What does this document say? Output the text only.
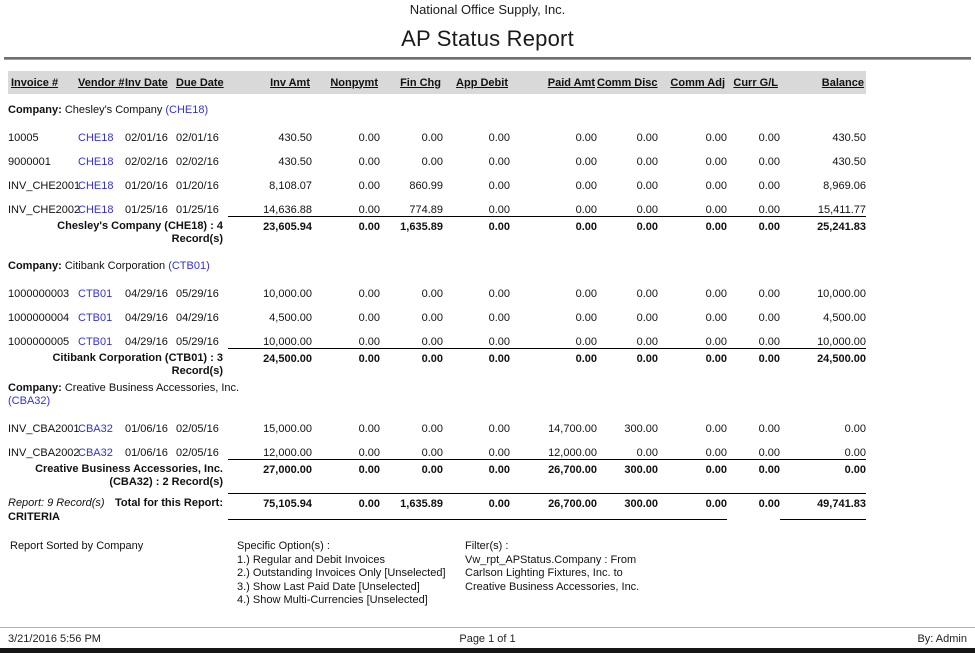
National Office Supply, Inc.
AP Status Report
Invoice #	Vendor #	Inv Date	Due Date	Inv Amt	Nonpymt	Fin Chg	App Debit	Paid Amt	Comm Disc	Comm Adj	Curr G/L	Balance

Company: Chesley's Company (CHE18)												

10005	CHE18	02/01/16	02/01/16	430.50	0.00	0.00	0.00	0.00	0.00	0.00	0.00	430.50
9000001	CHE18	02/02/16	02/02/16	430.50	0.00	0.00	0.00	0.00	0.00	0.00	0.00	430.50
INV_CHE2001	CHE18	01/20/16	01/20/16	8,108.07	0.00	860.99	0.00	0.00	0.00	0.00	0.00	8,969.06
INV_CHE2002	CHE18	01/25/16	01/25/16	14,636.88	0.00	774.89	0.00	0.00	0.00	0.00	0.00	15,411.77

Chesley's Company (CHE18) : 4 Record(s)				23,605.94	0.00	1,635.89	0.00	0.00	0.00	0.00	0.00	25,241.83

Company: Citibank Corporation (CTB01)												

1000000003	CTB01	04/29/16	05/29/16	10,000.00	0.00	0.00	0.00	0.00	0.00	0.00	0.00	10,000.00
1000000004	CTB01	04/29/16	04/29/16	4,500.00	0.00	0.00	0.00	0.00	0.00	0.00	0.00	4,500.00
1000000005	CTB01	04/29/16	05/29/16	10,000.00	0.00	0.00	0.00	0.00	0.00	0.00	0.00	10,000.00

Citibank Corporation (CTB01) : 3 Record(s)				24,500.00	0.00	0.00	0.00	0.00	0.00	0.00	0.00	24,500.00

Company: Creative Business Accessories, Inc. (CBA32)												

INV_CBA2001	CBA32	01/06/16	02/05/16	15,000.00	0.00	0.00	0.00	14,700.00	300.00	0.00	0.00	0.00
INV_CBA2002	CBA32	01/06/16	02/05/16	12,000.00	0.00	0.00	0.00	12,000.00	0.00	0.00	0.00	0.00

Creative Business Accessories, Inc. (CBA32) : 2 Record(s)				27,000.00	0.00	0.00	0.00	26,700.00	300.00	0.00	0.00	0.00

Report: 9 Record(s) Total for this Report:				75,105.94	0.00	1,635.89	0.00	26,700.00	300.00	0.00	0.00	49,741.83
CRITERIA
Report Sorted by Company	Specific Option(s) :
1.) Regular and Debit Invoices
2.) Outstanding Invoices Only [Unselected]
3.) Show Last Paid Date [Unselected]
4.) Show Multi-Currencies [Unselected]
Filter(s) :
Vw_rpt_APStatus.Company : From Carlson Lighting Fixtures, Inc. to Creative Business Accessories, Inc.
3/21/2016 5:56 PM	Page 1 of 1	By: Admin
